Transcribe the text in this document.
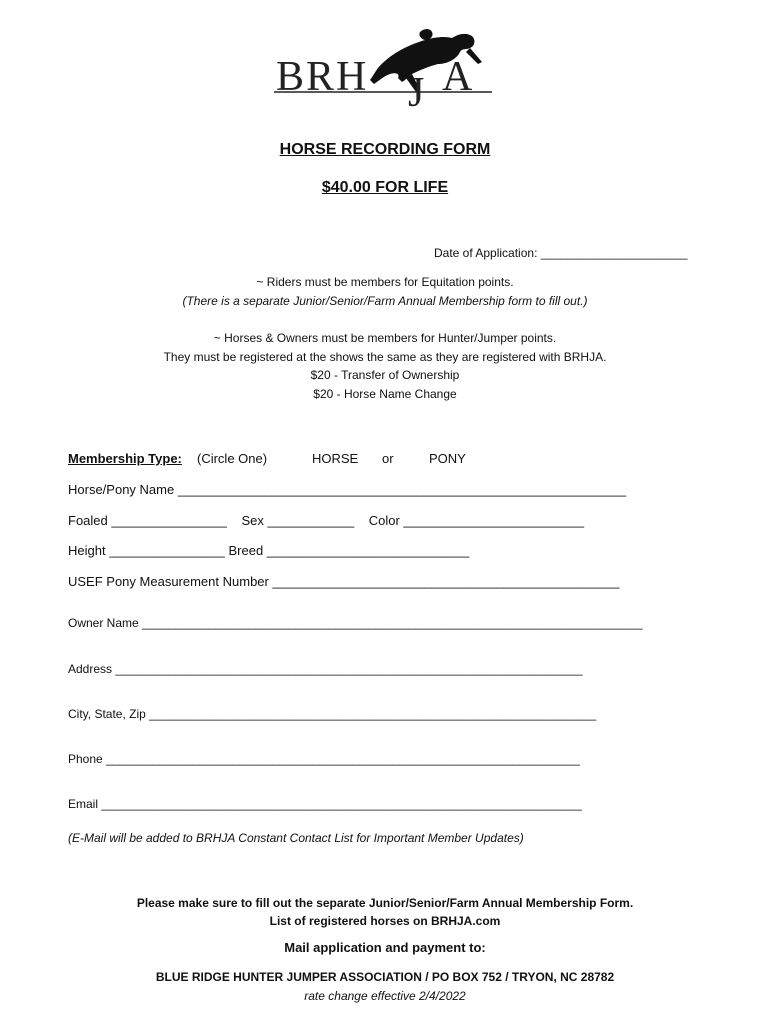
BRH J A
HORSE RECORDING FORM
$40.00 FOR LIFE
Date of Application: ______________________
~ Riders must be members for Equitation points.
(There is a separate Junior/Senior/Farm Annual Membership form to fill out.)
~ Horses & Owners must be members for Hunter/Jumper points.
They must be registered at the shows the same as they are registered with BRHJA.
$20 - Transfer of Ownership
$20 - Horse Name Change
Membership Type: (Circle One)	HORSE or	PONY
Horse/Pony Name ______________________________________________________________
Foaled ________________    Sex ____________    Color _________________________
Height ________________ Breed ____________________________
USEF Pony Measurement Number ________________________________________________
Owner Name ___________________________________________________________________________
Address ______________________________________________________________________
City, State, Zip ___________________________________________________________________
Phone _______________________________________________________________________
Email ________________________________________________________________________
(E-Mail will be added to BRHJA Constant Contact List for Important Member Updates)
Please make sure to fill out the separate Junior/Senior/Farm Annual Membership Form.
List of registered horses on BRHJA.com
Mail application and payment to:
BLUE RIDGE HUNTER JUMPER ASSOCIATION / PO BOX 752 / TRYON, NC 28782
rate change effective 2/4/2022
